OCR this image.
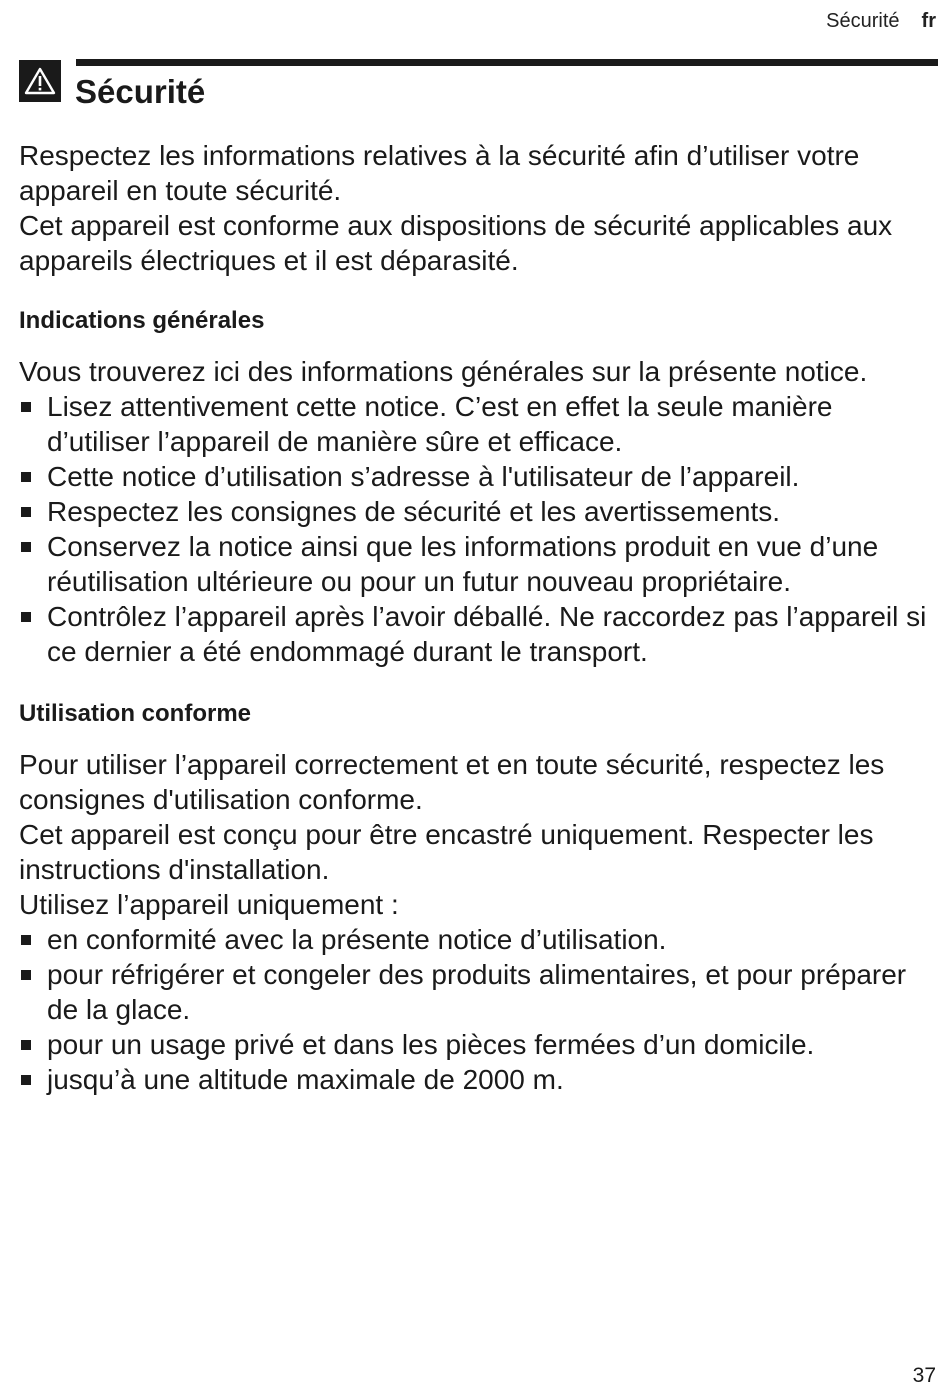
Sécurité fr
Sécurité

Respectez les informations relatives à la sécurité afin d’utiliser votre appareil en toute sécurité.

Cet appareil est conforme aux dispositions de sécurité applicables aux appareils électriques et il est déparasité.

Indications générales

Vous trouverez ici des informations générales sur la présente notice.

Lisez attentivement cette notice. C’est en effet la seule manière d’utiliser l’appareil de manière sûre et efficace.
Cette notice d’utilisation s’adresse à l'utilisateur de l’appareil.
Respectez les consignes de sécurité et les avertissements.
Conservez la notice ainsi que les informations produit en vue d’une réutilisation ultérieure ou pour un futur nouveau propriétaire.
Contrôlez l’appareil après l’avoir déballé. Ne raccordez pas l’appareil si ce dernier a été endommagé durant le transport.
Utilisation conforme

Pour utiliser l’appareil correctement et en toute sécurité, respectez les consignes d'utilisation conforme.

Cet appareil est conçu pour être encastré uniquement. Respecter les instructions d'installation.

Utilisez l’appareil uniquement :

en conformité avec la présente notice d’utilisation.
pour réfrigérer et congeler des produits alimentaires, et pour préparer de la glace.
pour un usage privé et dans les pièces fermées d’un domicile.
jusqu’à une altitude maximale de 2000 m.
37
